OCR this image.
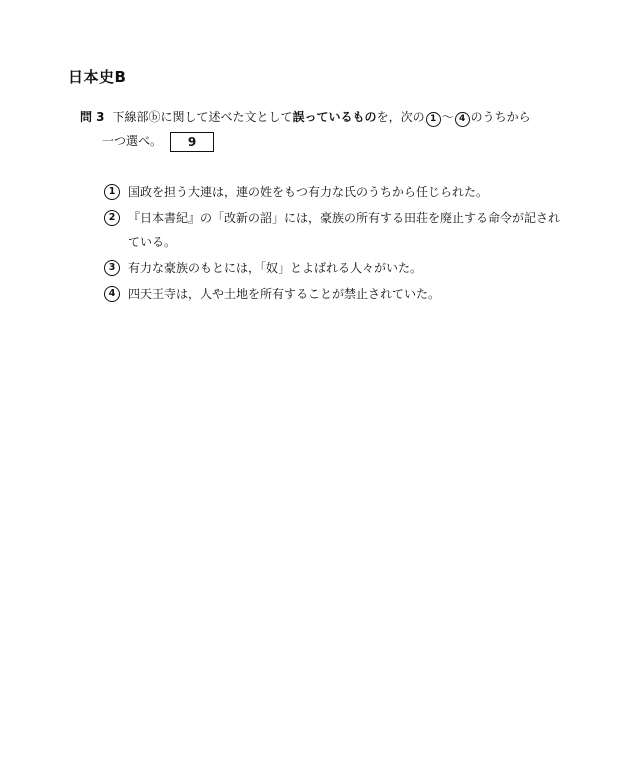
日本史B
問 3 下線部ⓑに関して述べた文として誤っているものを，次の 1 〜 4 のうちから
一つ選べ。 9
1	国政を担う大連は，連の姓をもつ有力な氏のうちから任じられた。
2	『日本書紀』の「改新の詔」には，豪族の所有する田荘を廃止する命令が記されている。
3	有力な豪族のもとには，「奴」とよばれる人々がいた。
4	四天王寺は，人や土地を所有することが禁止されていた。
